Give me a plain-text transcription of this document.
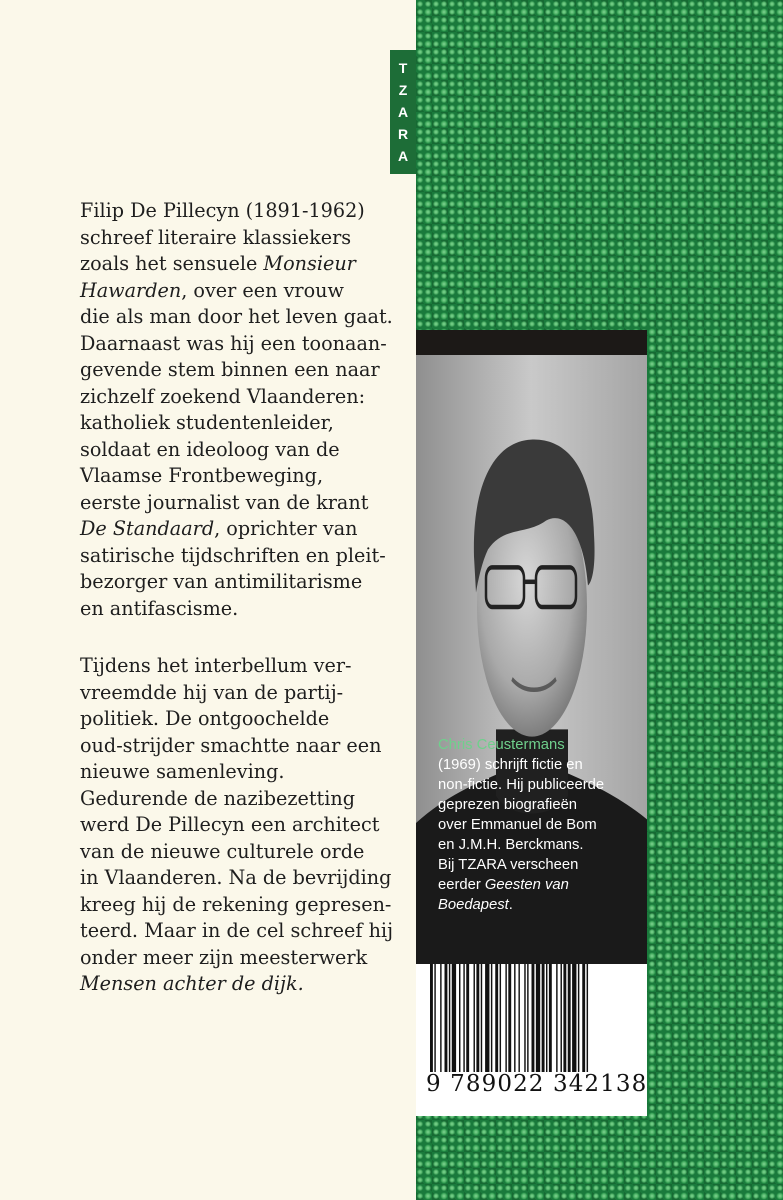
Filip De Pillecyn (1891-1962)
schreef literaire klassiekers
zoals het sensuele Monsieur
Hawarden, over een vrouw
die als man door het leven gaat.
Daarnaast was hij een toonaan-
gevende stem binnen een naar
zichzelf zoekend Vlaanderen:
katholiek studentenleider,
soldaat en ideoloog van de
Vlaamse Frontbeweging,
eerste journalist van de krant
De Standaard, oprichter van
satirische tijdschriften en pleit-
bezorger van antimilitarisme
en antifascisme.

Tijdens het interbellum ver-
vreemdde hij van de partij-
politiek. De ontgoochelde
oud-strijder smachtte naar een
nieuwe samenleving.
Gedurende de nazibezetting
werd De Pillecyn een architect
van de nieuwe culturele orde
in Vlaanderen. Na de bevrijding
kreeg hij de rekening gepresen-
teerd. Maar in de cel schreef hij
onder meer zijn meesterwerk
Mensen achter de dijk.

T
Z
A
R
A
Chris Ceustermans
(1969) schrijft fictie en
non-fictie. Hij publiceerde
geprezen biografieën
over Emmanuel de Bom
en J.M.H. Berckmans.
Bij TZARA verscheen
eerder Geesten van
Boedapest.
9 789022 342138
